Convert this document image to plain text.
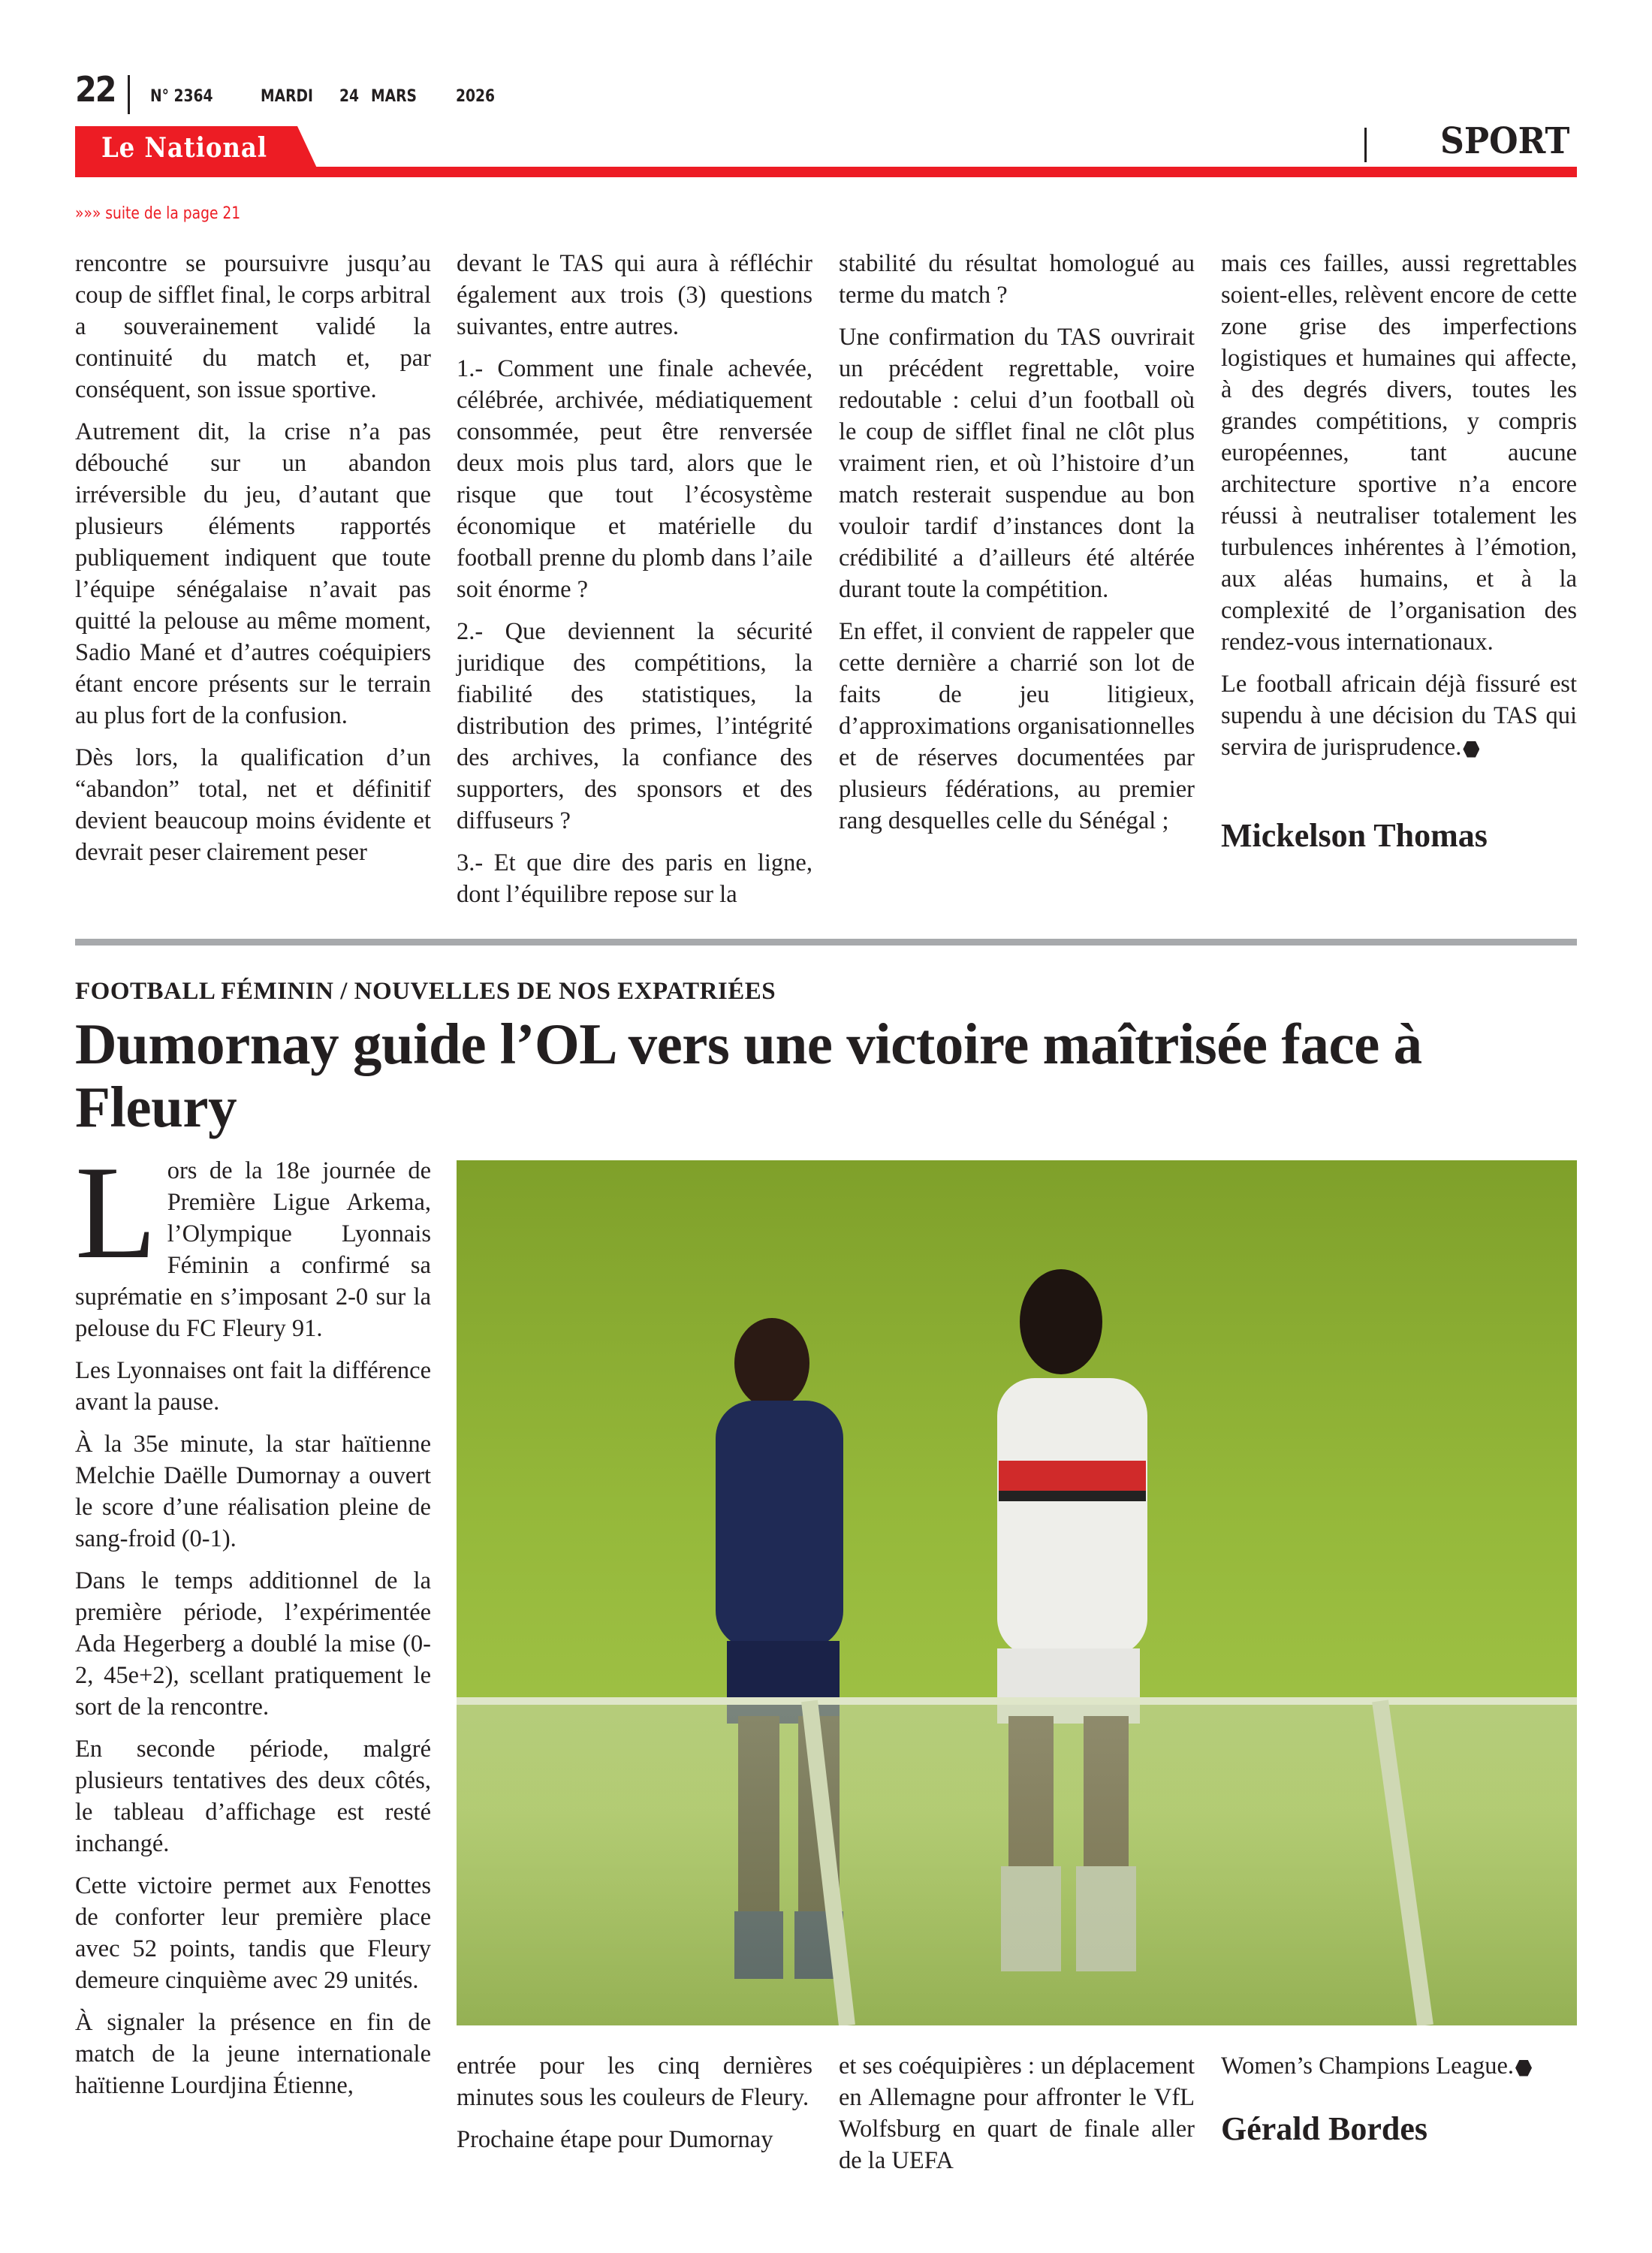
22 N° 2364	MARDI 24 MARS 2026
Le National	SPORT
»»» suite de la page 21

rencontre se poursuivre jusqu’au coup de sifflet final, le corps arbitral a souverainement validé la continuité du match et, par conséquent, son issue sportive.

Autrement dit, la crise n’a pas débouché sur un abandon irréversible du jeu, d’autant que plusieurs éléments rapportés publiquement indiquent que toute l’équipe sénégalaise n’avait pas quitté la pelouse au même moment, Sadio Mané et d’autres coéquipiers étant encore présents sur le terrain au plus fort de la confusion.

Dès lors, la qualification d’un “abandon” total, net et définitif devient beaucoup moins évidente et devrait peser clairement peser

devant le TAS qui aura à réfléchir également aux trois (3) questions suivantes, entre autres.

1.- Comment une finale achevée, célébrée, archivée, médiatiquement consommée, peut être renversée deux mois plus tard, alors que le risque que tout l’écosystème économique et matérielle du football prenne du plomb dans l’aile soit énorme ?

2.- Que deviennent la sécurité juridique des compétitions, la fiabilité des statistiques, la distribution des primes, l’intégrité des archives, la confiance des supporters, des sponsors et des diffuseurs ?

3.- Et que dire des paris en ligne, dont l’équilibre repose sur la

stabilité du résultat homologué au terme du match ?

Une confirmation du TAS ouvrirait un précédent regrettable, voire redoutable : celui d’un football où le coup de sifflet final ne clôt plus vraiment rien, et où l’histoire d’un match resterait suspendue au bon vouloir tardif d’instances dont la crédibilité a d’ailleurs été altérée durant toute la compétition.

En effet, il convient de rappeler que cette dernière a charrié son lot de faits de jeu litigieux, d’approximations organisationnelles et de réserves documentées par plusieurs fédérations, au premier rang desquelles celle du Sénégal ;

mais ces failles, aussi regrettables soient-elles, relèvent encore de cette zone grise des imperfections logistiques et humaines qui affecte, à des degrés divers, toutes les grandes compétitions, y compris européennes, tant aucune architecture sportive n’a encore réussi à neutraliser totalement les turbulences inhérentes à l’émotion, aux aléas humains, et à la complexité de l’organisation des rendez-vous internationaux.

Le football africain déjà fissuré est supendu à une décision du TAS qui servira de jurisprudence.

Mickelson Thomas
FOOTBALL FÉMININ / NOUVELLES DE NOS EXPATRIÉES
Dumornay guide l’OL vers une victoire maîtrisée face à Fleury

Lors de la 18e journée de Première Ligue Arkema, l’Olympique Lyonnais Féminin a confirmé sa suprématie en s’imposant 2-0 sur la pelouse du FC Fleury 91.

Les Lyonnaises ont fait la différence avant la pause.

À la 35e minute, la star haïtienne Melchie Daëlle Dumornay a ouvert le score d’une réalisation pleine de sang-froid (0-1).

Dans le temps additionnel de la première période, l’expérimentée Ada Hegerberg a doublé la mise (0-2, 45e+2), scellant pratiquement le sort de la rencontre.

En seconde période, malgré plusieurs tentatives des deux côtés, le tableau d’affichage est resté inchangé.

Cette victoire permet aux Fenottes de conforter leur première place avec 52 points, tandis que Fleury demeure cinquième avec 29 unités.

À signaler la présence en fin de match de la jeune internationale haïtienne Lourdjina Étienne,

entrée pour les cinq dernières minutes sous les couleurs de Fleury.

Prochaine étape pour Dumornay

et ses coéquipières : un déplacement en Allemagne pour affronter le VfL Wolfsburg en quart de finale aller de la UEFA

Women’s Champions League.

Gérald Bordes
